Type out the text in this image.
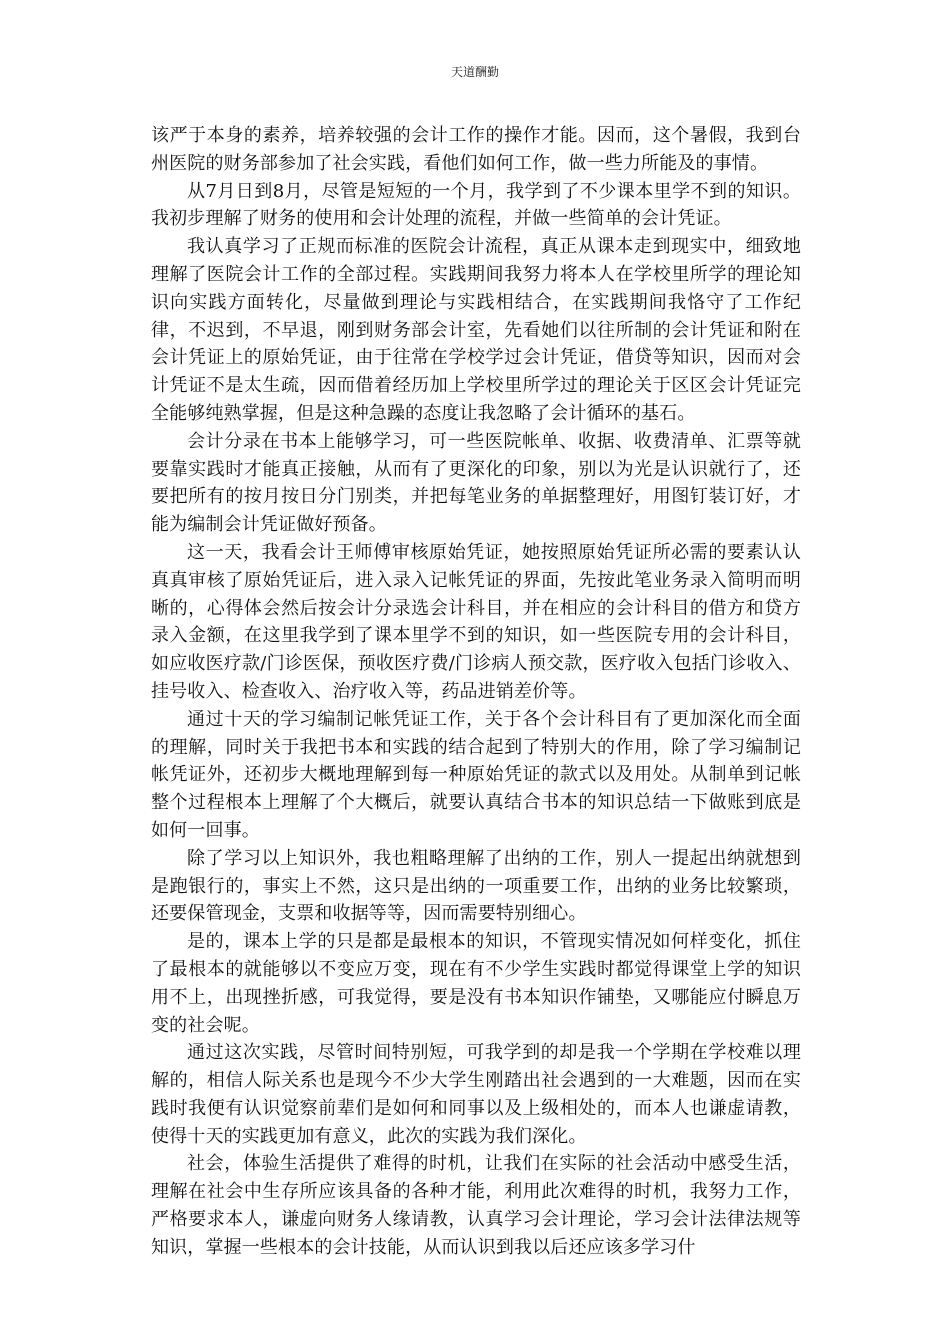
天道酬勤

该严于本身的素养，培养较强的会计工作的操作才能。因而，这个暑假，我到台州医院的财务部参加了社会实践，看他们如何工作，做一些力所能及的事情。

从7月日到8月，尽管是短短的一个月，我学到了不少课本里学不到的知识。我初步理解了财务的使用和会计处理的流程，并做一些简单的会计凭证。

我认真学习了正规而标准的医院会计流程，真正从课本走到现实中，细致地理解了医院会计工作的全部过程。实践期间我努力将本人在学校里所学的理论知识向实践方面转化，尽量做到理论与实践相结合，在实践期间我恪守了工作纪律，不迟到，不早退，刚到财务部会计室，先看她们以往所制的会计凭证和附在会计凭证上的原始凭证，由于往常在学校学过会计凭证，借贷等知识，因而对会计凭证不是太生疏，因而借着经历加上学校里所学过的理论关于区区会计凭证完全能够纯熟掌握，但是这种急躁的态度让我忽略了会计循环的基石。

会计分录在书本上能够学习，可一些医院帐单、收据、收费清单、汇票等就要靠实践时才能真正接触，从而有了更深化的印象，别以为光是认识就行了，还要把所有的按月按日分门别类，并把每笔业务的单据整理好，用图钉装订好，才能为编制会计凭证做好预备。

这一天，我看会计王师傅审核原始凭证，她按照原始凭证所必需的要素认认真真审核了原始凭证后，进入录入记帐凭证的界面，先按此笔业务录入简明而明晰的，心得体会然后按会计分录选会计科目，并在相应的会计科目的借方和贷方录入金额，在这里我学到了课本里学不到的知识，如一些医院专用的会计科目，如应收医疗款/门诊医保，预收医疗费/门诊病人预交款，医疗收入包括门诊收入、挂号收入、检查收入、治疗收入等，药品进销差价等。

通过十天的学习编制记帐凭证工作，关于各个会计科目有了更加深化而全面的理解，同时关于我把书本和实践的结合起到了特别大的作用，除了学习编制记帐凭证外，还初步大概地理解到每一种原始凭证的款式以及用处。从制单到记帐整个过程根本上理解了个大概后，就要认真结合书本的知识总结一下做账到底是如何一回事。

除了学习以上知识外，我也粗略理解了出纳的工作，别人一提起出纳就想到是跑银行的，事实上不然，这只是出纳的一项重要工作，出纳的业务比较繁琐，还要保管现金，支票和收据等等，因而需要特别细心。

是的，课本上学的只是都是最根本的知识，不管现实情况如何样变化，抓住了最根本的就能够以不变应万变，现在有不少学生实践时都觉得课堂上学的知识用不上，出现挫折感，可我觉得，要是没有书本知识作铺垫，又哪能应付瞬息万变的社会呢。

通过这次实践，尽管时间特别短，可我学到的却是我一个学期在学校难以理解的，相信人际关系也是现今不少大学生刚踏出社会遇到的一大难题，因而在实践时我便有认识觉察前辈们是如何和同事以及上级相处的，而本人也谦虚请教，使得十天的实践更加有意义，此次的实践为我们深化。

社会，体验生活提供了难得的时机，让我们在实际的社会活动中感受生活，理解在社会中生存所应该具备的各种才能，利用此次难得的时机，我努力工作，严格要求本人，谦虚向财务人缘请教，认真学习会计理论，学习会计法律法规等知识，掌握一些根本的会计技能，从而认识到我以后还应该多学习什
